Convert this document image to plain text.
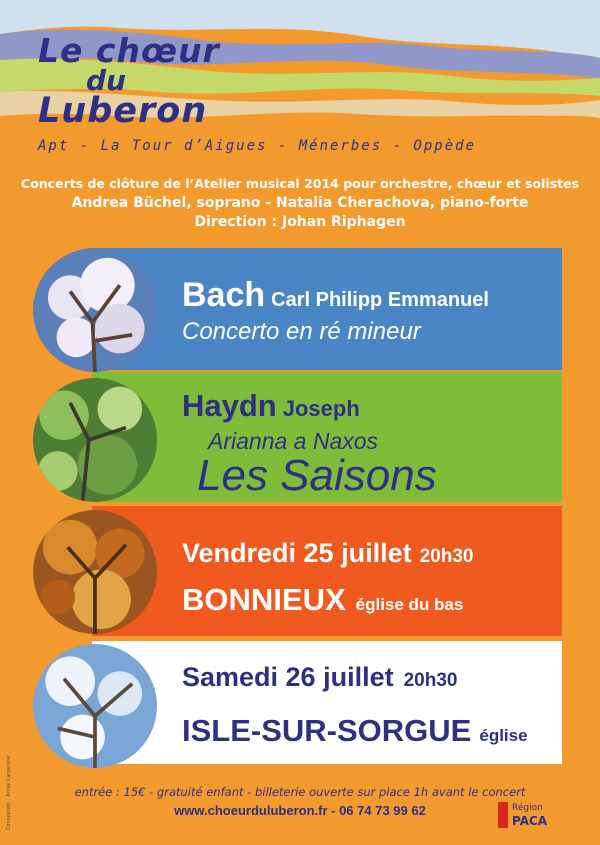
Le chœur
du
Luberon
Apt - La Tour d’Aigues - Ménerbes - Oppède
Concerts de clôture de l’Atelier musical 2014 pour orchestre, chœur et solistes
Andrea Büchel, soprano - Natalia Cherachova, piano-forte
Direction : Johan Riphagen
Bach Carl Philipp Emmanuel
Concerto en ré mineur
Haydn Joseph
Arianna a Naxos
Les Saisons
Vendredi 25 juillet 20h30
BONNIEUX église du bas
Samedi 26 juillet 20h30
ISLE-SUR-SORGUE église
entrée : 15€ - gratuité enfant - billeterie ouverte sur place 1h avant le concert
www.choeurduluberon.fr - 06 74 73 99 62
Conception : Annie Carpentier	Région
PACA
